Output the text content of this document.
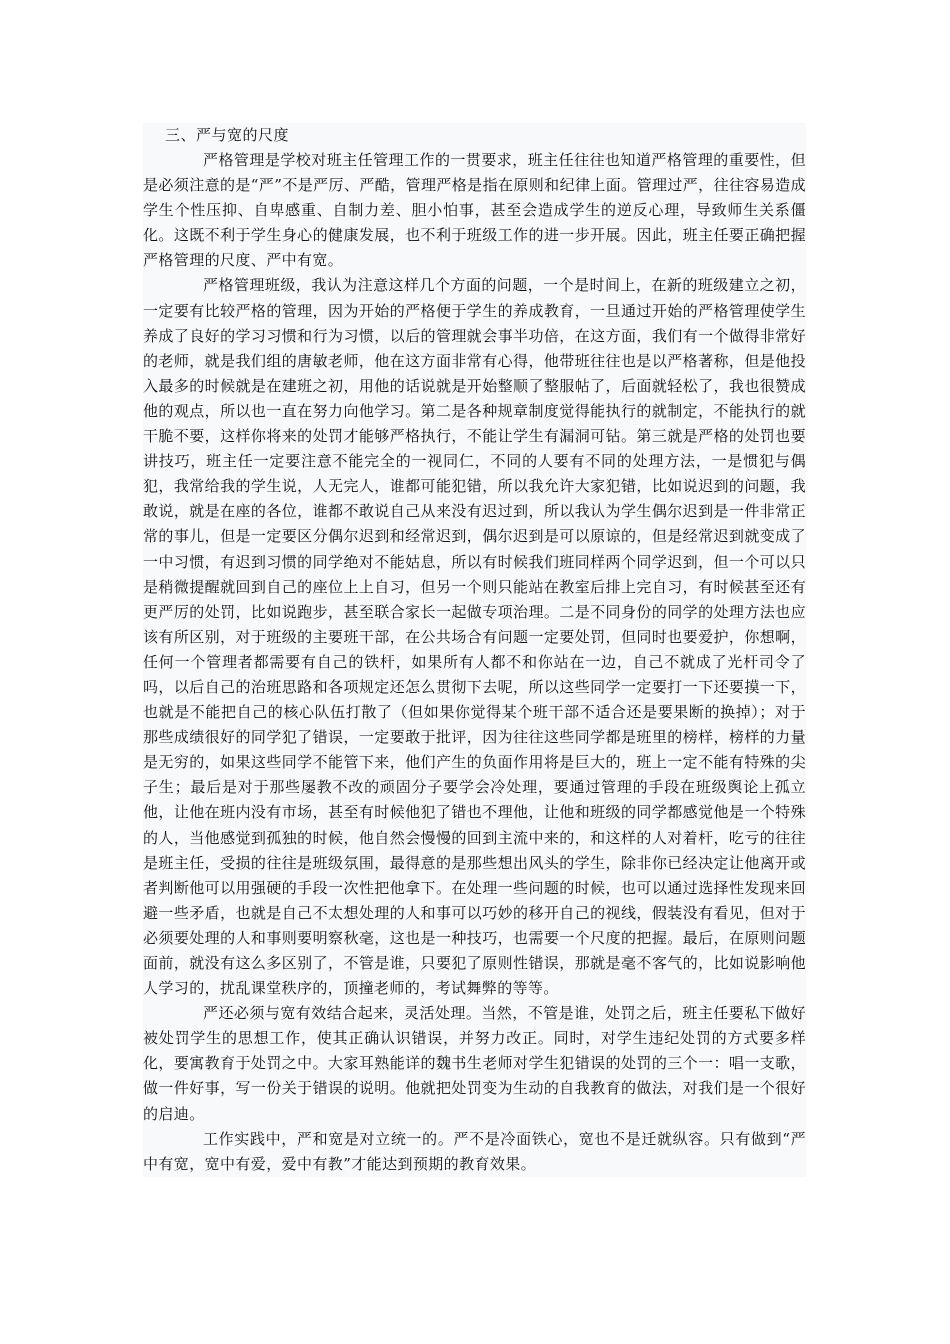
三、严与宽的尺度

严格管理是学校对班主任管理工作的一贯要求，班主任往往也知道严格管理的重要性，但是必须注意的是“严”不是严厉、严酷，管理严格是指在原则和纪律上面。管理过严，往往容易造成学生个性压抑、自卑感重、自制力差、胆小怕事，甚至会造成学生的逆反心理，导致师生关系僵化。这既不利于学生身心的健康发展，也不利于班级工作的进一步开展。因此，班主任要正确把握严格管理的尺度、严中有宽。

严格管理班级，我认为注意这样几个方面的问题，一个是时间上，在新的班级建立之初，一定要有比较严格的管理，因为开始的严格便于学生的养成教育，一旦通过开始的严格管理使学生养成了良好的学习习惯和行为习惯，以后的管理就会事半功倍，在这方面，我们有一个做得非常好的老师，就是我们组的唐敏老师，他在这方面非常有心得，他带班往往也是以严格著称，但是他投入最多的时候就是在建班之初，用他的话说就是开始整顺了整服帖了，后面就轻松了，我也很赞成他的观点，所以也一直在努力向他学习。第二是各种规章制度觉得能执行的就制定，不能执行的就干脆不要，这样你将来的处罚才能够严格执行，不能让学生有漏洞可钻。第三就是严格的处罚也要讲技巧，班主任一定要注意不能完全的一视同仁，不同的人要有不同的处理方法，一是惯犯与偶犯，我常给我的学生说，人无完人，谁都可能犯错，所以我允许大家犯错，比如说迟到的问题，我敢说，就是在座的各位，谁都不敢说自己从来没有迟过到，所以我认为学生偶尔迟到是一件非常正常的事儿，但是一定要区分偶尔迟到和经常迟到，偶尔迟到是可以原谅的，但是经常迟到就变成了一中习惯，有迟到习惯的同学绝对不能姑息，所以有时候我们班同样两个同学迟到，但一个可以只是稍微提醒就回到自己的座位上上自习，但另一个则只能站在教室后排上完自习，有时候甚至还有更严厉的处罚，比如说跑步，甚至联合家长一起做专项治理。二是不同身份的同学的处理方法也应该有所区别，对于班级的主要班干部，在公共场合有问题一定要处罚，但同时也要爱护，你想啊，任何一个管理者都需要有自己的铁杆，如果所有人都不和你站在一边，自己不就成了光杆司令了吗，以后自己的治班思路和各项规定还怎么贯彻下去呢，所以这些同学一定要打一下还要摸一下，也就是不能把自己的核心队伍打散了（但如果你觉得某个班干部不适合还是要果断的换掉）；对于那些成绩很好的同学犯了错误，一定要敢于批评，因为往往这些同学都是班里的榜样，榜样的力量是无穷的，如果这些同学不能管下来，他们产生的负面作用将是巨大的，班上一定不能有特殊的尖子生；最后是对于那些屡教不改的顽固分子要学会冷处理，要通过管理的手段在班级舆论上孤立他，让他在班内没有市场，甚至有时候他犯了错也不理他，让他和班级的同学都感觉他是一个特殊的人，当他感觉到孤独的时候，他自然会慢慢的回到主流中来的，和这样的人对着杆，吃亏的往往是班主任，受损的往往是班级氛围，最得意的是那些想出风头的学生，除非你已经决定让他离开或者判断他可以用强硬的手段一次性把他拿下。在处理一些问题的时候，也可以通过选择性发现来回避一些矛盾，也就是自己不太想处理的人和事可以巧妙的移开自己的视线，假装没有看见，但对于必须要处理的人和事则要明察秋毫，这也是一种技巧，也需要一个尺度的把握。最后，在原则问题面前，就没有这么多区别了，不管是谁，只要犯了原则性错误，那就是毫不客气的，比如说影响他人学习的，扰乱课堂秩序的，顶撞老师的，考试舞弊的等等。

严还必须与宽有效结合起来，灵活处理。当然，不管是谁，处罚之后，班主任要私下做好被处罚学生的思想工作，使其正确认识错误，并努力改正。同时，对学生违纪处罚的方式要多样化，要寓教育于处罚之中。大家耳熟能详的魏书生老师对学生犯错误的处罚的三个一：唱一支歌，做一件好事，写一份关于错误的说明。他就把处罚变为生动的自我教育的做法，对我们是一个很好的启迪。

工作实践中，严和宽是对立统一的。严不是冷面铁心，宽也不是迁就纵容。只有做到“严中有宽，宽中有爱，爱中有教”才能达到预期的教育效果。
